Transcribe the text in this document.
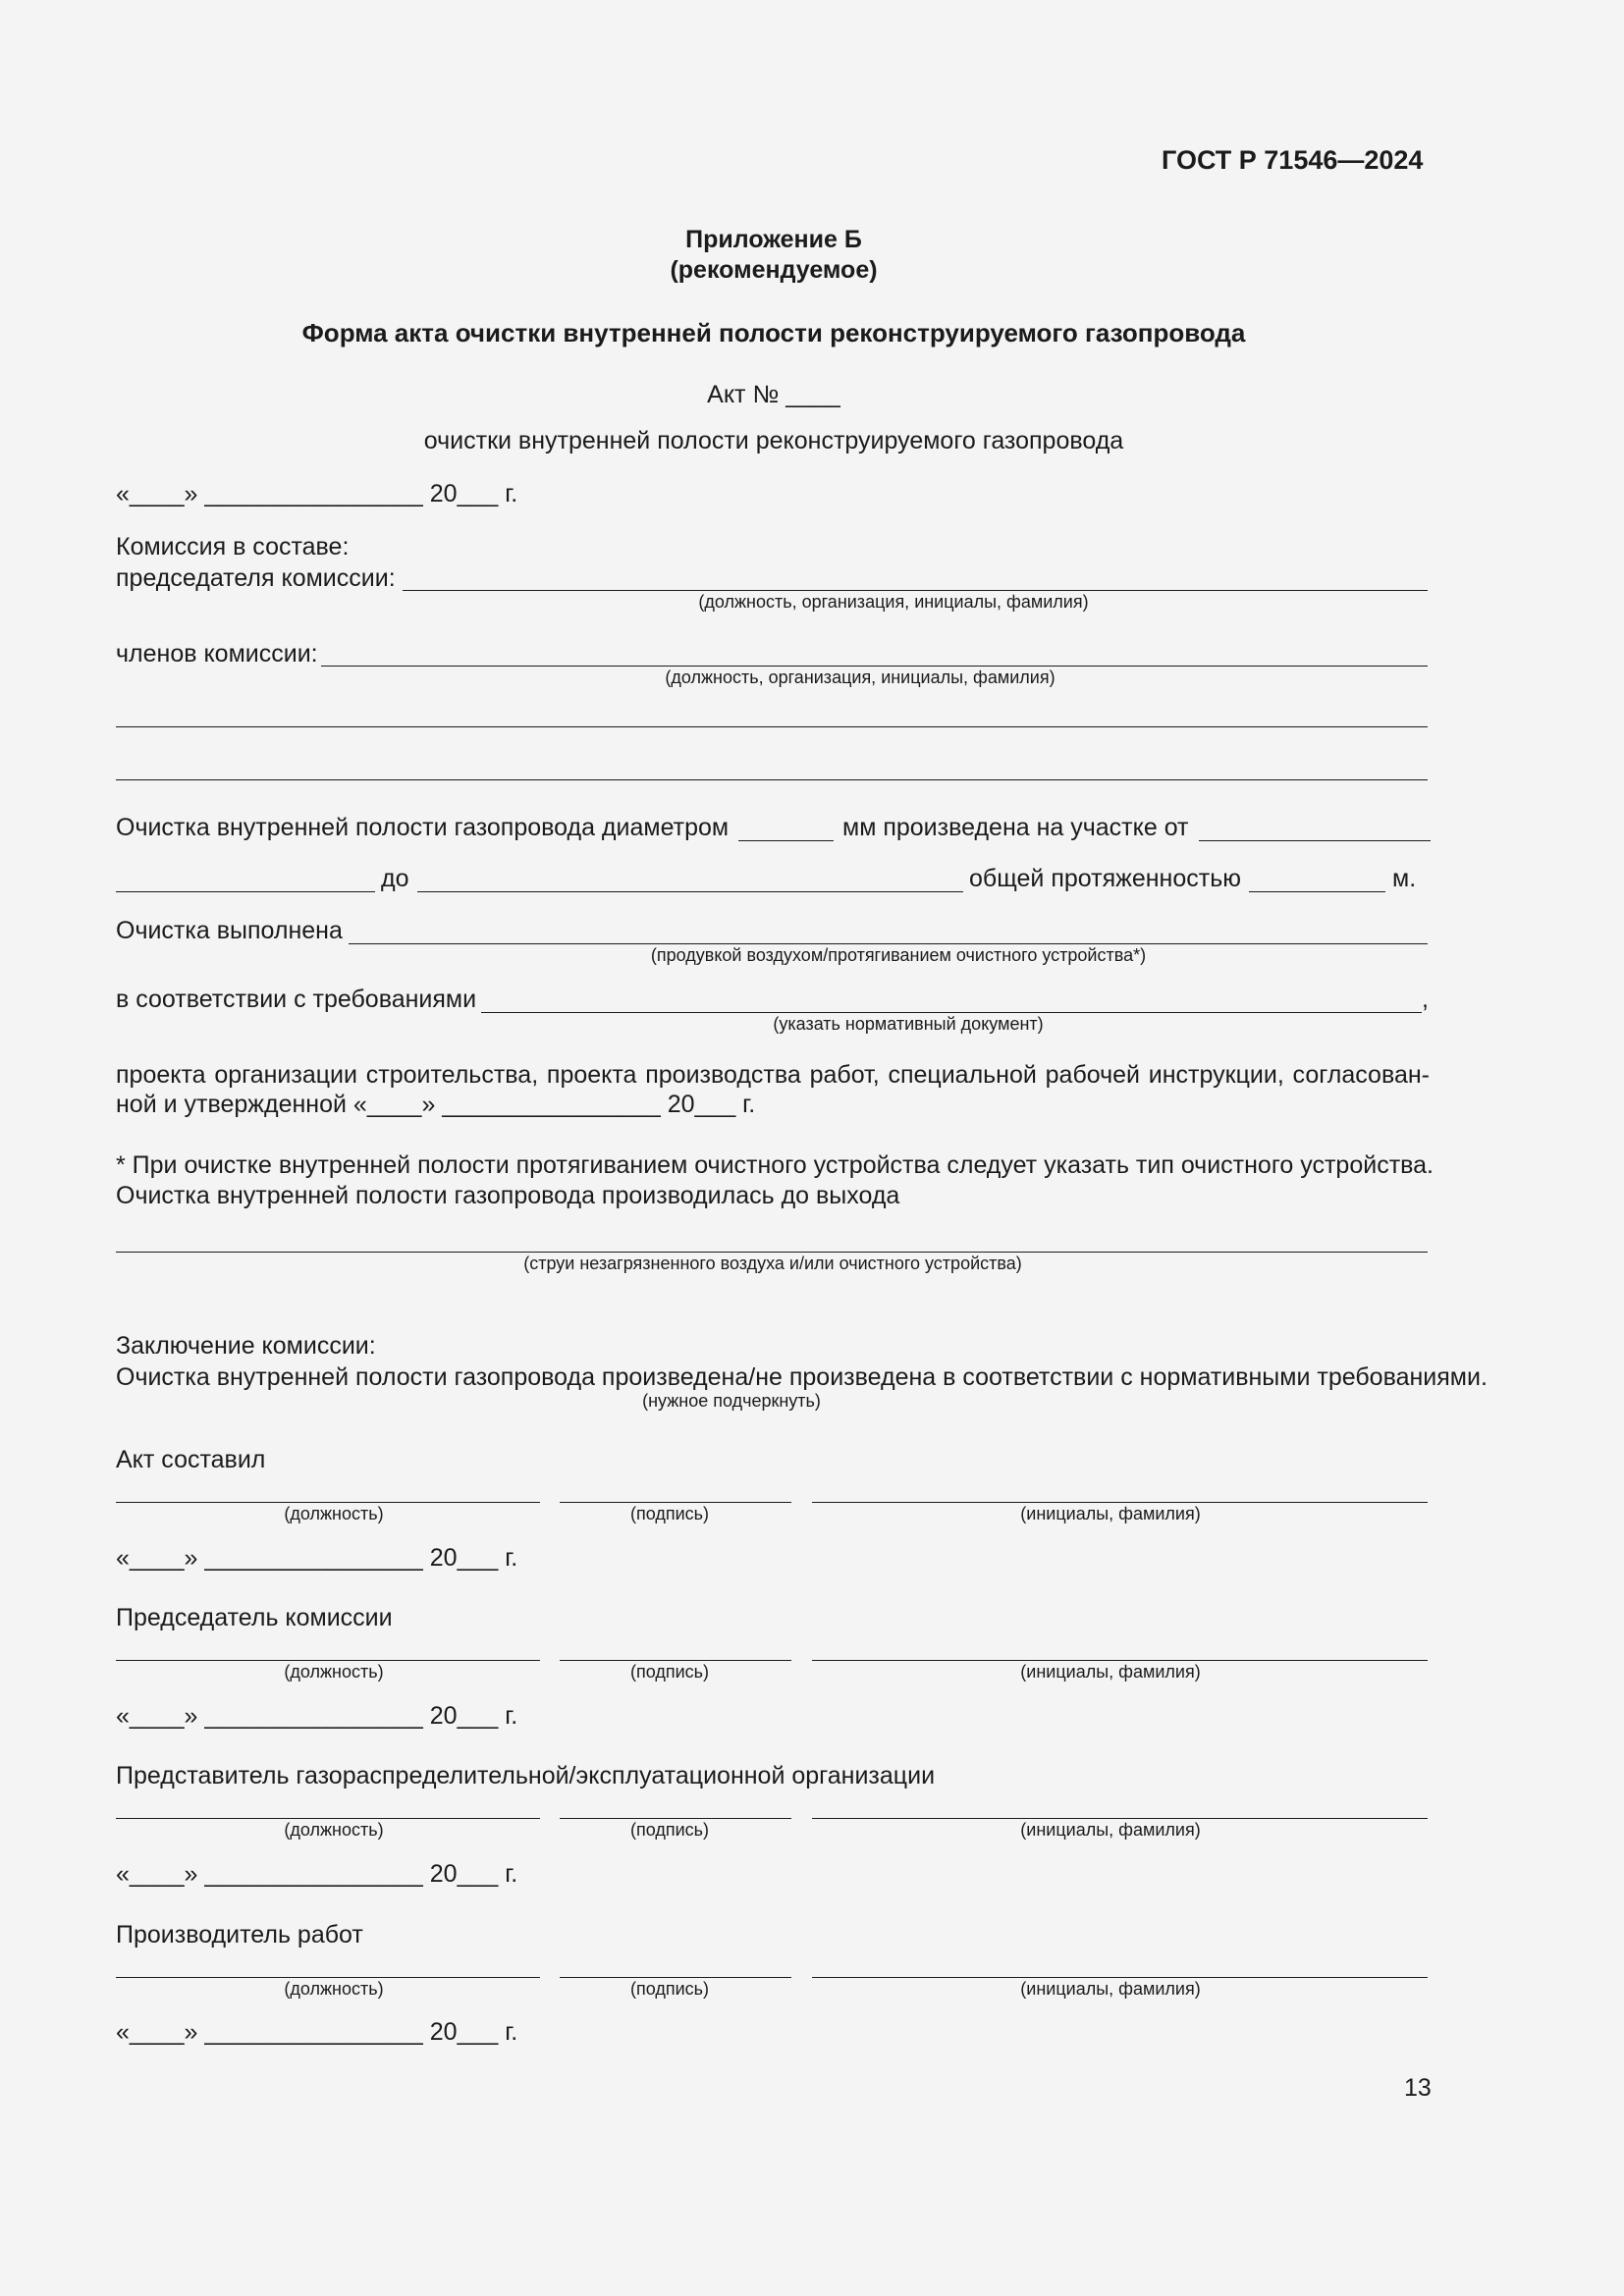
ГОСТ Р 71546—2024
Приложение Б
(рекомендуемое)
Форма акта очистки внутренней полости реконструируемого газопровода
Акт № ____
очистки внутренней полости реконструируемого газопровода
«____» ________________ 20___ г.
Комиссия в составе:
председателя комиссии:
(должность, организация, инициалы, фамилия)
членов комиссии:
(должность, организация, инициалы, фамилия)
Очистка внутренней полости газопровода диаметром	мм произведена на участке от
до	общей протяженностью	м.
Очистка выполнена
(продувкой воздухом/протягиванием очистного устройства*)
в соответствии с требованиями	,
(указать нормативный документ)
проекта организации строительства, проекта производства работ, специальной рабочей инструкции, согласован-
ной и утвержденной «____» ________________ 20___ г.
* При очистке внутренней полости протягиванием очистного устройства следует указать тип очистного устройства.
Очистка внутренней полости газопровода производилась до выхода
(струи незагрязненного воздуха и/или очистного устройства)
Заключение комиссии:
Очистка внутренней полости газопровода произведена/не произведена в соответствии с нормативными требованиями.
(нужное подчеркнуть)
Акт составил
(должность)	(подпись)	(инициалы, фамилия)
«____» ________________ 20___ г.
Председатель комиссии
(должность)	(подпись)	(инициалы, фамилия)
«____» ________________ 20___ г.
Представитель газораспределительной/эксплуатационной организации
(должность)	(подпись)	(инициалы, фамилия)
«____» ________________ 20___ г.
Производитель работ
(должность)	(подпись)	(инициалы, фамилия)
«____» ________________ 20___ г.
13
